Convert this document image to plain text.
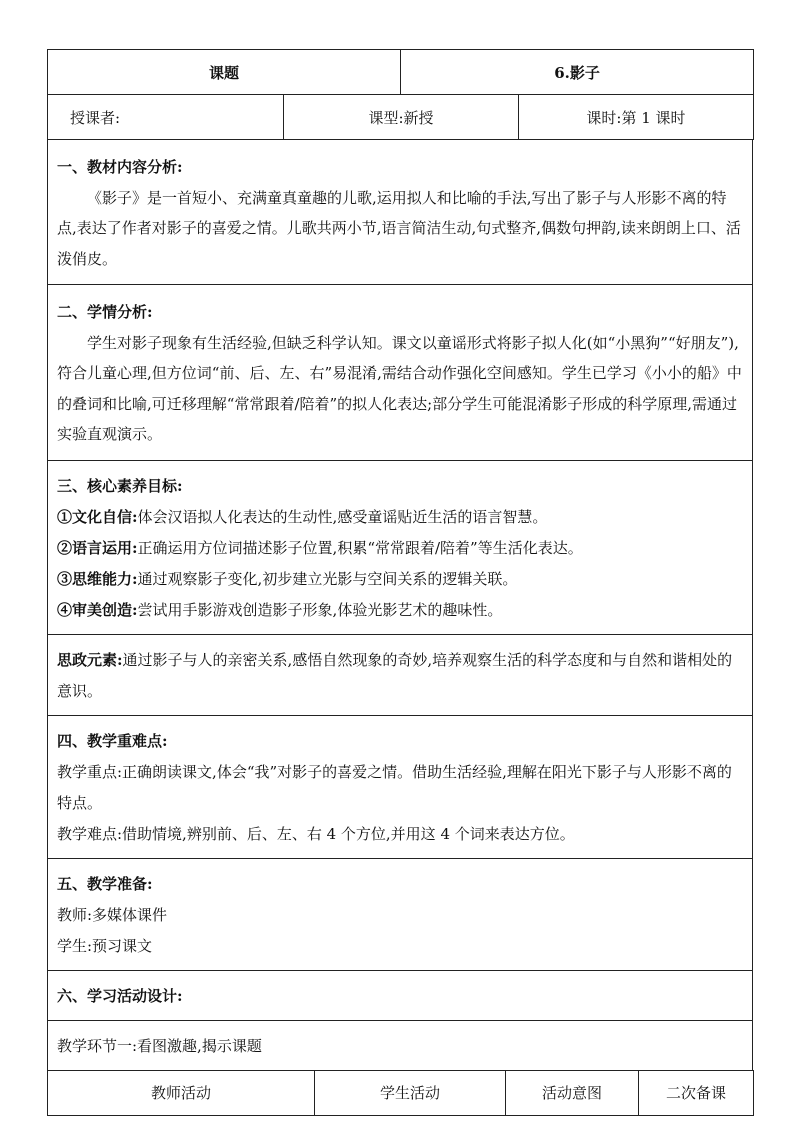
课题	6.影子
授课者:	课型:新授	课时:第 1 课时
一、教材内容分析:

《影子》是一首短小、充满童真童趣的儿歌,运用拟人和比喻的手法,写出了影子与人形影不离的特点,表达了作者对影子的喜爱之情。儿歌共两小节,语言简洁生动,句式整齐,偶数句押韵,读来朗朗上口、活泼俏皮。

二、学情分析:

学生对影子现象有生活经验,但缺乏科学认知。课文以童谣形式将影子拟人化(如“小黑狗”“好朋友”),符合儿童心理,但方位词“前、后、左、右”易混淆,需结合动作强化空间感知。学生已学习《小小的船》中的叠词和比喻,可迁移理解“常常跟着/陪着”的拟人化表达;部分学生可能混淆影子形成的科学原理,需通过实验直观演示。

三、核心素养目标:
①文化自信:体会汉语拟人化表达的生动性,感受童谣贴近生活的语言智慧。
②语言运用:正确运用方位词描述影子位置,积累“常常跟着/陪着”等生活化表达。
③思维能力:通过观察影子变化,初步建立光影与空间关系的逻辑关联。
④审美创造:尝试用手影游戏创造影子形象,体验光影艺术的趣味性。

思政元素:通过影子与人的亲密关系,感悟自然现象的奇妙,培养观察生活的科学态度和与自然和谐相处的意识。
四、教学重难点:
教学重点:正确朗读课文,体会“我”对影子的喜爱之情。借助生活经验,理解在阳光下影子与人形影不离的特点。
教学难点:借助情境,辨别前、后、左、右 4 个方位,并用这 4 个词来表达方位。

五、教学准备:
教师:多媒体课件
学生:预习课文

六、学习活动设计:
教学环节一:看图激趣,揭示课题
教师活动	学生活动	活动意图	二次备课
